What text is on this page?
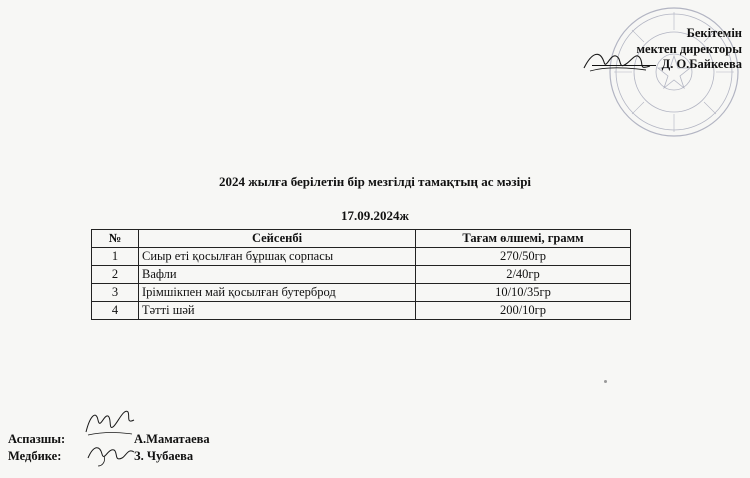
Бекітемін
мектеп директоры
Д. О.Байкеева
2024 жылға берілетін бір мезгілді тамақтың ас мәзірі
17.09.2024ж
№	Сейсенбі	Тағам өлшемі, грамм
1	Сиыр еті қосылған бұршақ сорпасы	270/50гр
2	Вафли	2/40гр
3	Ірімшікпен май қосылған бутерброд	10/10/35гр
4	Тәтті шәй	200/10гр
Аспазшы:
Медбике:
А.Маматаева
З. Чубаева
